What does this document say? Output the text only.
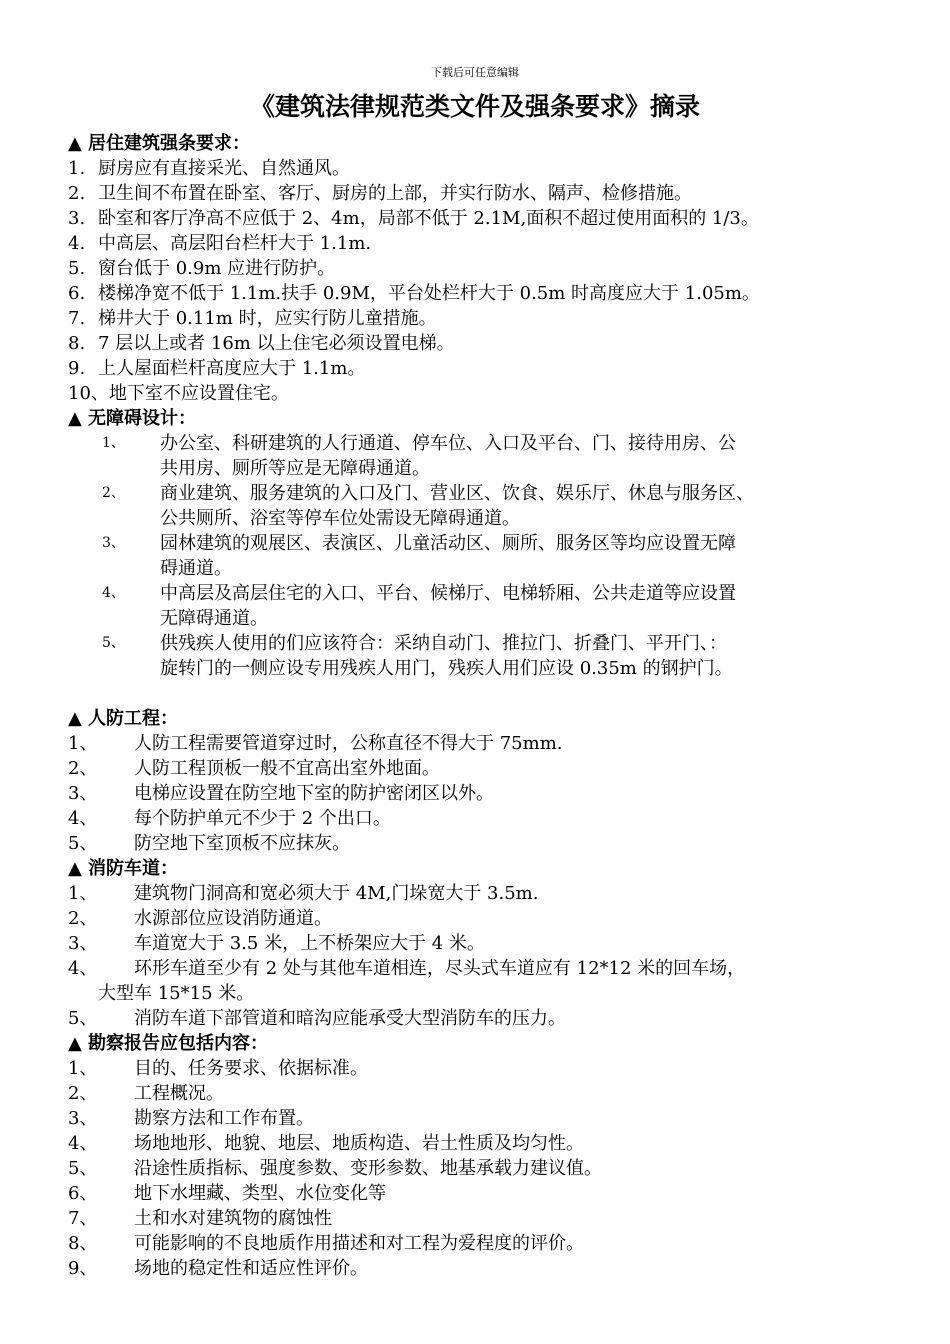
下载后可任意编辑
《建筑法律规范类文件及强条要求》摘录
▲ 居住建筑强条要求：
1. 厨房应有直接采光、自然通风。
2. 卫生间不布置在卧室、客厅、厨房的上部，并实行防水、隔声、检修措施。
3. 卧室和客厅净高不应低于 2、4m，局部不低于 2.1M,面积不超过使用面积的 1/3。
4. 中高层、高层阳台栏杆大于 1.1m.
5. 窗台低于 0.9m 应进行防护。
6. 楼梯净宽不低于 1.1m.扶手 0.9M，平台处栏杆大于 0.5m 时高度应大于 1.05m。
7. 梯井大于 0.11m 时，应实行防儿童措施。
8. 7 层以上或者 16m 以上住宅必须设置电梯。
9. 上人屋面栏杆高度应大于 1.1m。
10、地下室不应设置住宅。
▲ 无障碍设计：
1、 办公室、科研建筑的人行通道、停车位、入口及平台、门、接待用房、公
共用房、厕所等应是无障碍通道。
2、 商业建筑、服务建筑的入口及门、营业区、饮食、娱乐厅、休息与服务区、
公共厕所、浴室等停车位处需设无障碍通道。
3、 园林建筑的观展区、表演区、儿童活动区、厕所、服务区等均应设置无障
碍通道。
4、 中高层及高层住宅的入口、平台、候梯厅、电梯轿厢、公共走道等应设置
无障碍通道。
5、 供残疾人使用的们应该符合：采纳自动门、推拉门、折叠门、平开门、：
旋转门的一侧应设专用残疾人用门，残疾人用们应设 0.35m 的钢护门。
▲ 人防工程：
1、 人防工程需要管道穿过时，公称直径不得大于 75mm.
2、 人防工程顶板一般不宜高出室外地面。
3、 电梯应设置在防空地下室的防护密闭区以外。
4、 每个防护单元不少于 2 个出口。
5、 防空地下室顶板不应抹灰。
▲ 消防车道：
1、 建筑物门洞高和宽必须大于 4M,门垛宽大于 3.5m.
2、 水源部位应设消防通道。
3、 车道宽大于 3.5 米，上不桥架应大于 4 米。
4、 环形车道至少有 2 处与其他车道相连，尽头式车道应有 12*12 米的回车场，
大型车 15*15 米。
5、 消防车道下部管道和暗沟应能承受大型消防车的压力。
▲ 勘察报告应包括内容：
1、 目的、任务要求、依据标准。
2、 工程概况。
3、 勘察方法和工作布置。
4、 场地地形、地貌、地层、地质构造、岩土性质及均匀性。
5、 沿途性质指标、强度参数、变形参数、地基承载力建议值。
6、 地下水埋藏、类型、水位变化等
7、 土和水对建筑物的腐蚀性
8、 可能影响的不良地质作用描述和对工程为爱程度的评价。
9、 场地的稳定性和适应性评价。
